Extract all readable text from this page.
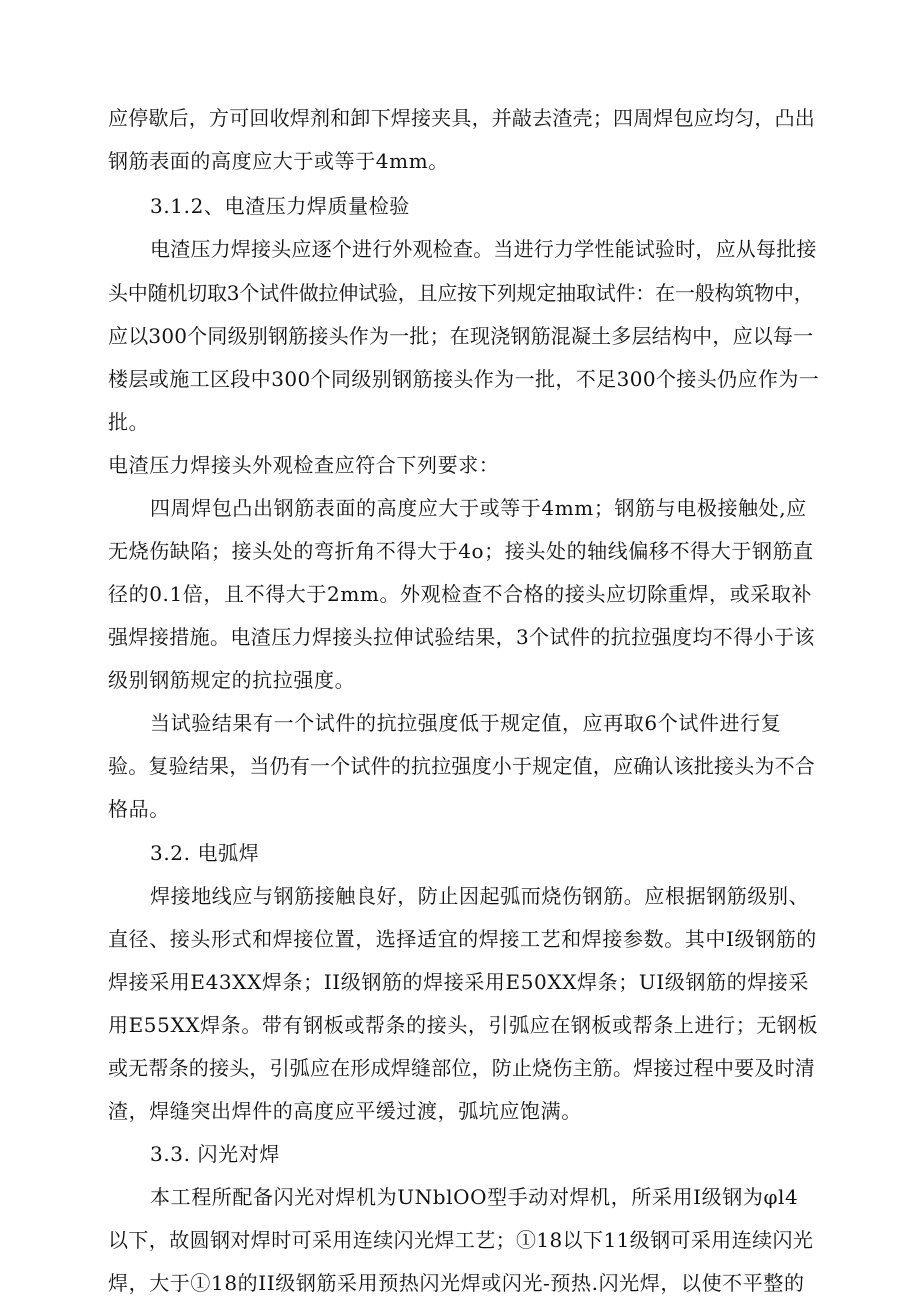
应停歇后，方可回收焊剂和卸下焊接夹具，并敲去渣壳；四周焊包应均匀，凸出
钢筋表面的高度应大于或等于4mm。
3.1.2、电渣压力焊质量检验
电渣压力焊接头应逐个进行外观检查。当进行力学性能试验时，应从每批接
头中随机切取3个试件做拉伸试验，且应按下列规定抽取试件：在一般构筑物中，
应以300个同级别钢筋接头作为一批；在现浇钢筋混凝土多层结构中，应以每一
楼层或施工区段中300个同级别钢筋接头作为一批，不足300个接头仍应作为一
批。
电渣压力焊接头外观检查应符合下列要求：
四周焊包凸出钢筋表面的高度应大于或等于4mm；钢筋与电极接触处,应
无烧伤缺陷；接头处的弯折角不得大于4o；接头处的轴线偏移不得大于钢筋直
径的0.1倍，且不得大于2mm。外观检查不合格的接头应切除重焊，或采取补
强焊接措施。电渣压力焊接头拉伸试验结果，3个试件的抗拉强度均不得小于该
级别钢筋规定的抗拉强度。
当试验结果有一个试件的抗拉强度低于规定值，应再取6个试件进行复
验。复验结果，当仍有一个试件的抗拉强度小于规定值，应确认该批接头为不合
格品。
3.2. 电弧焊
焊接地线应与钢筋接触良好，防止因起弧而烧伤钢筋。应根据钢筋级别、
直径、接头形式和焊接位置，选择适宜的焊接工艺和焊接参数。其中I级钢筋的
焊接采用E43XX焊条；II级钢筋的焊接采用E50XX焊条；UI级钢筋的焊接采
用E55XX焊条。带有钢板或帮条的接头，引弧应在钢板或帮条上进行；无钢板
或无帮条的接头，引弧应在形成焊缝部位，防止烧伤主筋。焊接过程中要及时清
渣，焊缝突出焊件的高度应平缓过渡，弧坑应饱满。
3.3. 闪光对焊
本工程所配备闪光对焊机为UNblOO型手动对焊机，所采用I级钢为φl4
以下，故圆钢对焊时可采用连续闪光焊工艺；①18以下11级钢可采用连续闪光
焊，大于①18的II级钢筋采用预热闪光焊或闪光-预热.闪光焊，以使不平整的
